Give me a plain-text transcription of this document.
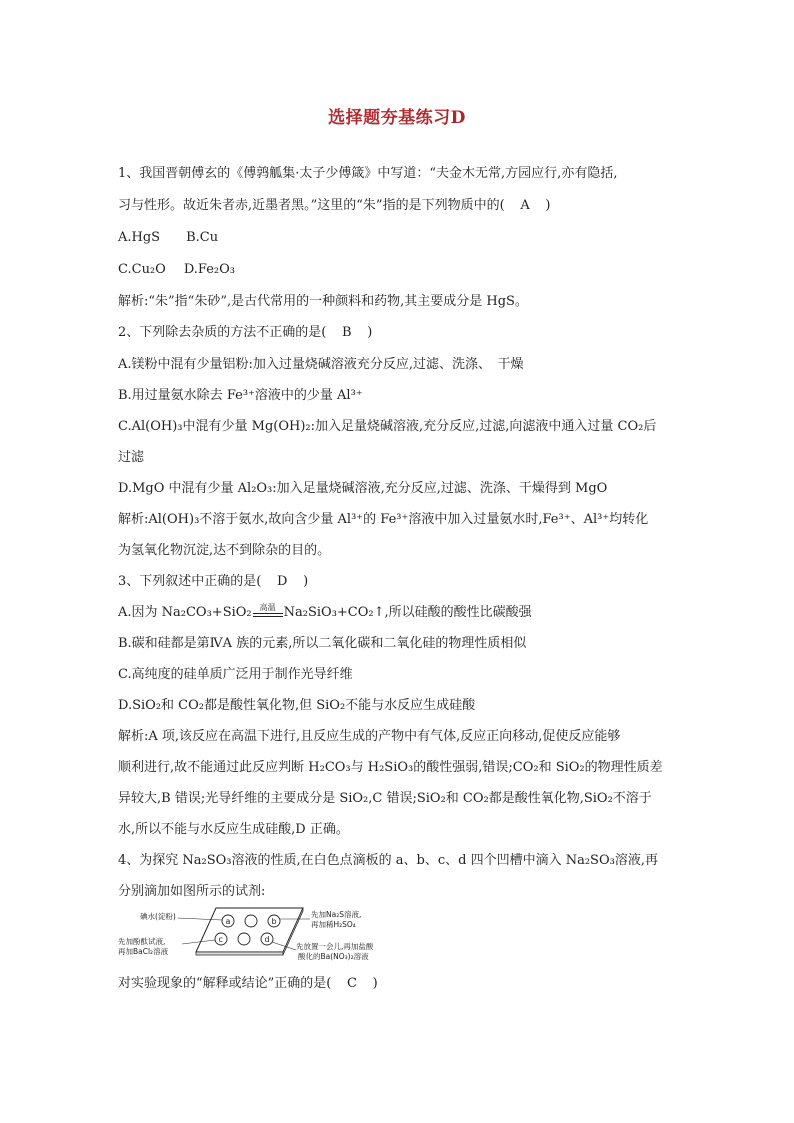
选择题夯基练习D
1、我国晋朝傅玄的《傅鹑觚集·太子少傅箴》中写道：“夫金木无常,方园应行,亦有隐括,
习与性形。故近朱者赤,近墨者黑。”这里的“朱”指的是下列物质中的( A )
A.HgS B.Cu
C.Cu₂O D.Fe₂O₃
解析:“朱”指“朱砂”,是古代常用的一种颜料和药物,其主要成分是 HgS。
2、下列除去杂质的方法不正确的是( B )
A.镁粉中混有少量铝粉:加入过量烧碱溶液充分反应,过滤、洗涤、　干燥
B.用过量氨水除去 Fe³⁺溶液中的少量 Al³⁺
C.Al(OH)₃中混有少量 Mg(OH)₂:加入足量烧碱溶液,充分反应,过滤,向滤液中通入过量 CO₂后
过滤
D.MgO 中混有少量 Al₂O₃:加入足量烧碱溶液,充分反应,过滤、洗涤、干燥得到 MgO
解析:Al(OH)₃不溶于氨水,故向含少量 Al³⁺的 Fe³⁺溶液中加入过量氨水时,Fe³⁺、Al³⁺均转化
为氢氧化物沉淀,达不到除杂的目的。
3、下列叙述中正确的是( D )
A.因为 Na₂CO₃+SiO₂	高温 Na₂SiO₃+CO₂↑,所以硅酸的酸性比碳酸强
B.碳和硅都是第ⅣA 族的元素,所以二氧化碳和二氧化硅的物理性质相似
C.高纯度的硅单质广泛用于制作光导纤维
D.SiO₂和 CO₂都是酸性氧化物,但 SiO₂不能与水反应生成硅酸
解析:A 项,该反应在高温下进行,且反应生成的产物中有气体,反应正向移动,促使反应能够
顺利进行,故不能通过此反应判断 H₂CO₃与 H₂SiO₃的酸性强弱,错误;CO₂和 SiO₂的物理性质差
异较大,B 错误;光导纤维的主要成分是 SiO₂,C 错误;SiO₂和 CO₂都是酸性氧化物,SiO₂不溶于
水,所以不能与水反应生成硅酸,D 正确。
4、为探究 Na₂SO₃溶液的性质,在白色点滴板的 a、b、c、d 四个凹槽中滴入 Na₂SO₃溶液,再
分别滴加如图所示的试剂:
a	b
c	d
碘水(淀粉)	先加Na₂S溶液,
再加稀H₂SO₄
先加酚酞试液,
再加BaCl₂溶液
先放置一会儿,再加盐酸
酸化的Ba(NO₃)₂溶液
对实验现象的“解释或结论”正确的是( C )
